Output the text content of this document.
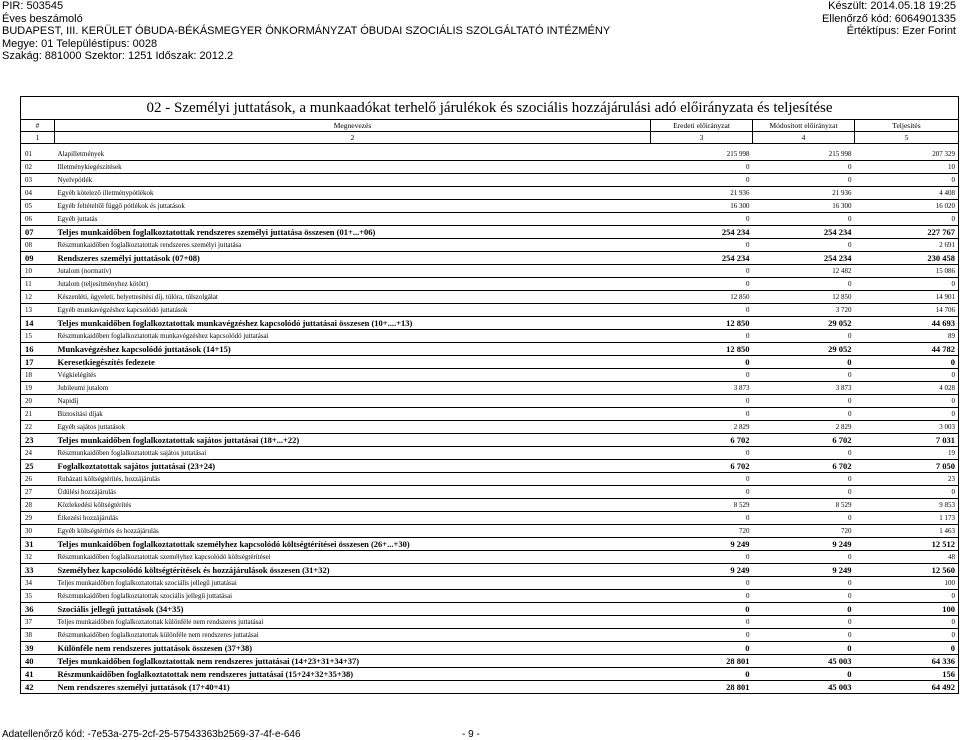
PIR: 503545
Éves beszámoló
BUDAPEST, III. KERÜLET ÓBUDA-BÉKÁSMEGYER ÖNKORMÁNYZAT ÓBUDAI SZOCIÁLIS SZOLGÁLTATÓ INTÉZMÉNY
Megye: 01 Településtípus: 0028
Szakág: 881000 Szektor: 1251 Időszak: 2012.2
Készült: 2014.05.18 19:25
Ellenőrző kód: 6064901335
Értéktípus: Ezer Forint
02 - Személyi juttatások, a munkaadókat terhelő járulékok és szociális hozzájárulási adó előirányzata és teljesítése				
#	Megnevezés	Eredeti előirányzat	Módosított előirányzat	Teljesítés
1	2	3	4	5

01	Alapilletmények	215 998	215 998	207 329
02	Illetménykiegészítések	0	0	10
03	Nyelvpótlék	0	0	0
04	Egyéb kötelező illetménypótlékok	21 936	21 936	4 408
05	Egyéb feltételtől függő pótlékok és juttatások	16 300	16 300	16 020
06	Egyéb juttatás	0	0	0
07	Teljes munkaidőben foglalkoztatottak rendszeres személyi juttatása összesen (01+...+06)	254 234	254 234	227 767
08	Részmunkaidőben foglalkoztatottak rendszeres személyi juttatása	0	0	2 691
09	Rendszeres személyi juttatások (07+08)	254 234	254 234	230 458
10	Jutalom (normatív)	0	12 482	15 086
11	Jutalom (teljesítményhez kötött)	0	0	0
12	Készenléti, ügyeleti, helyettesítési díj, túlóra, túlszolgálat	12 850	12 850	14 901
13	Egyéb munkavégzéshez kapcsolódó juttatások	0	3 720	14 706
14	Teljes munkaidőben foglalkoztatottak munkavégzéshez kapcsolódó juttatásai összesen (10+....+13)	12 850	29 052	44 693
15	Részmunkaidőben foglalkoztatottak munkavégzéshez kapcsolódó juttatásai	0	0	89
16	Munkavégzéshez kapcsolódó juttatások (14+15)	12 850	29 052	44 782
17	Keresetkiegészítés fedezete	0	0	0
18	Végkielégítés	0	0	0
19	Jubileumi jutalom	3 873	3 873	4 028
20	Napidíj	0	0	0
21	Biztosítási díjak	0	0	0
22	Egyéb sajátos juttatások	2 829	2 829	3 003
23	Teljes munkaidőben foglalkoztatottak sajátos juttatásai (18+...+22)	6 702	6 702	7 031
24	Részmunkaidőben foglalkoztatottak sajátos juttatásai	0	0	19
25	Foglalkoztatottak sajátos juttatásai (23+24)	6 702	6 702	7 050
26	Ruházati költségtérítés, hozzájárulás	0	0	23
27	Üdülési hozzájárulás	0	0	0
28	Közlekedési költségtérítés	8 529	8 529	9 853
29	Étkezési hozzájárulás	0	0	1 173
30	Egyéb költségtérítés és hozzájárulás	720	720	1 463
31	Teljes munkaidőben foglalkoztatottak személyhez kapcsolódó költségtérítései összesen (26+...+30)	9 249	9 249	12 512
32	Részmunkaidőben foglalkoztatottak személyhez kapcsolódó költségtérítései	0	0	48
33	Személyhez kapcsolódó költségtérítések és hozzájárulások összesen (31+32)	9 249	9 249	12 560
34	Teljes munkaidőben foglalkoztatottak szociális jellegű juttatásai	0	0	100
35	Részmunkaidőben foglalkoztatottak szociális jellegű juttatásai	0	0	0
36	Szociális jellegű juttatások (34+35)	0	0	100
37	Teljes munkaidőben foglalkoztatottak különféle nem rendszeres juttatásai	0	0	0
38	Részmunkaidőben foglalkoztatottak különféle nem rendszeres juttatásai	0	0	0
39	Különféle nem rendszeres juttatások összesen (37+38)	0	0	0
40	Teljes munkaidőben foglalkoztatottak nem rendszeres juttatásai (14+23+31+34+37)	28 801	45 003	64 336
41	Részmunkaidőben foglalkoztatottak nem rendszeres juttatásai (15+24+32+35+38)	0	0	156
42	Nem rendszeres személyi juttatások (17+40+41)	28 801	45 003	64 492
Adatellenőrző kód: -7e53a-275-2cf-25-57543363b2569-37-4f-e-646	- 9 -
